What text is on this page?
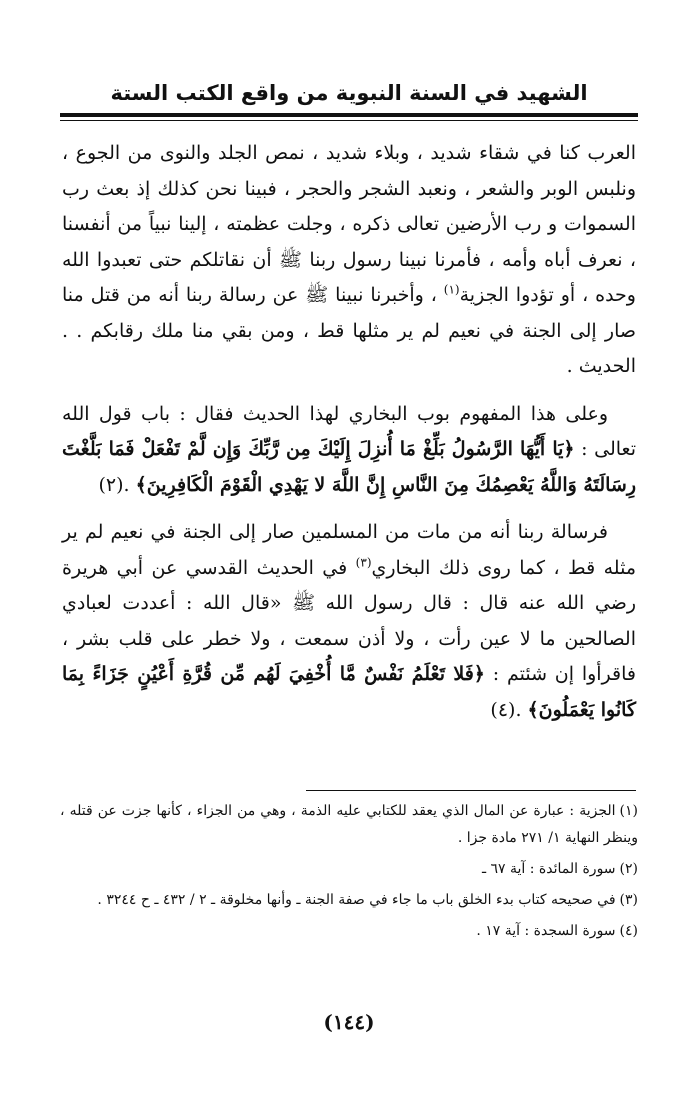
الشهيد في السنة النبوية من واقع الكتب الستة

العرب كنا في شقاء شديد ، وبلاء شديد ، نمص الجلد والنوى من الجوع ، ونلبس الوبر والشعر ، ونعبد الشجر والحجر ، فبينا نحن كذلك إذ بعث رب السموات و رب الأرضين تعالى ذكره ، وجلت عظمته ، إلينا نبياً من أنفسنا ، نعرف أباه وأمه ، فأمرنا نبينا رسول ربنا ﷺ أن نقاتلكم حتى تعبدوا الله وحده ، أو تؤدوا الجزية$^{(١)}$ ، وأخبرنا نبينا ﷺ عن رسالة ربنا أنه من قتل منا صار إلى الجنة في نعيم لم ير مثلها قط ، ومن بقي منا ملك رقابكم . . الحديث .

وعلى هذا المفهوم بوب البخاري لهذا الحديث فقال : باب قول الله تعالى : ﴿يَا أَيُّهَا الرَّسُولُ بَلِّغْ مَا أُنزِلَ إِلَيْكَ مِن رَّبِّكَ وَإِن لَّمْ تَفْعَلْ فَمَا بَلَّغْتَ رِسَالَتَهُ وَاللَّهُ يَعْصِمُكَ مِنَ النَّاسِ إِنَّ اللَّهَ لا يَهْدِي الْقَوْمَ الْكَافِرِينَ﴾ .(٢)

فرسالة ربنا أنه من مات من المسلمين صار إلى الجنة في نعيم لم ير مثله قط ، كما روى ذلك البخاري$^{(٣)}$ في الحديث القدسي عن أبي هريرة رضي الله عنه قال : قال رسول الله ﷺ «قال الله : أعددت لعبادي الصالحين ما لا عين رأت ، ولا أذن سمعت ، ولا خطر على قلب بشر ، فاقرأوا إن شئتم : ﴿فَلا تَعْلَمُ نَفْسٌ مَّا أُخْفِيَ لَهُم مِّن قُرَّةِ أَعْيُنٍ جَزَاءً بِمَا كَانُوا يَعْمَلُونَ﴾ .(٤)

(١)الجزية : عبارة عن المال الذي يعقد للكتابي عليه الذمة ، وهي من الجزاء ، كأنها جزت عن قتله ، وينظر النهاية ١/ ٢٧١ مادة جزا .

(٢)سورة المائدة : آية ٦٧ ـ

(٣)في صحيحه كتاب بدء الخلق باب ما جاء في صفة الجنة ـ وأنها مخلوقة ـ ٢ / ٤٣٢ ـ ح ٣٢٤٤ .

(٤)سورة السجدة : آية ١٧ .

(١٤٤)
